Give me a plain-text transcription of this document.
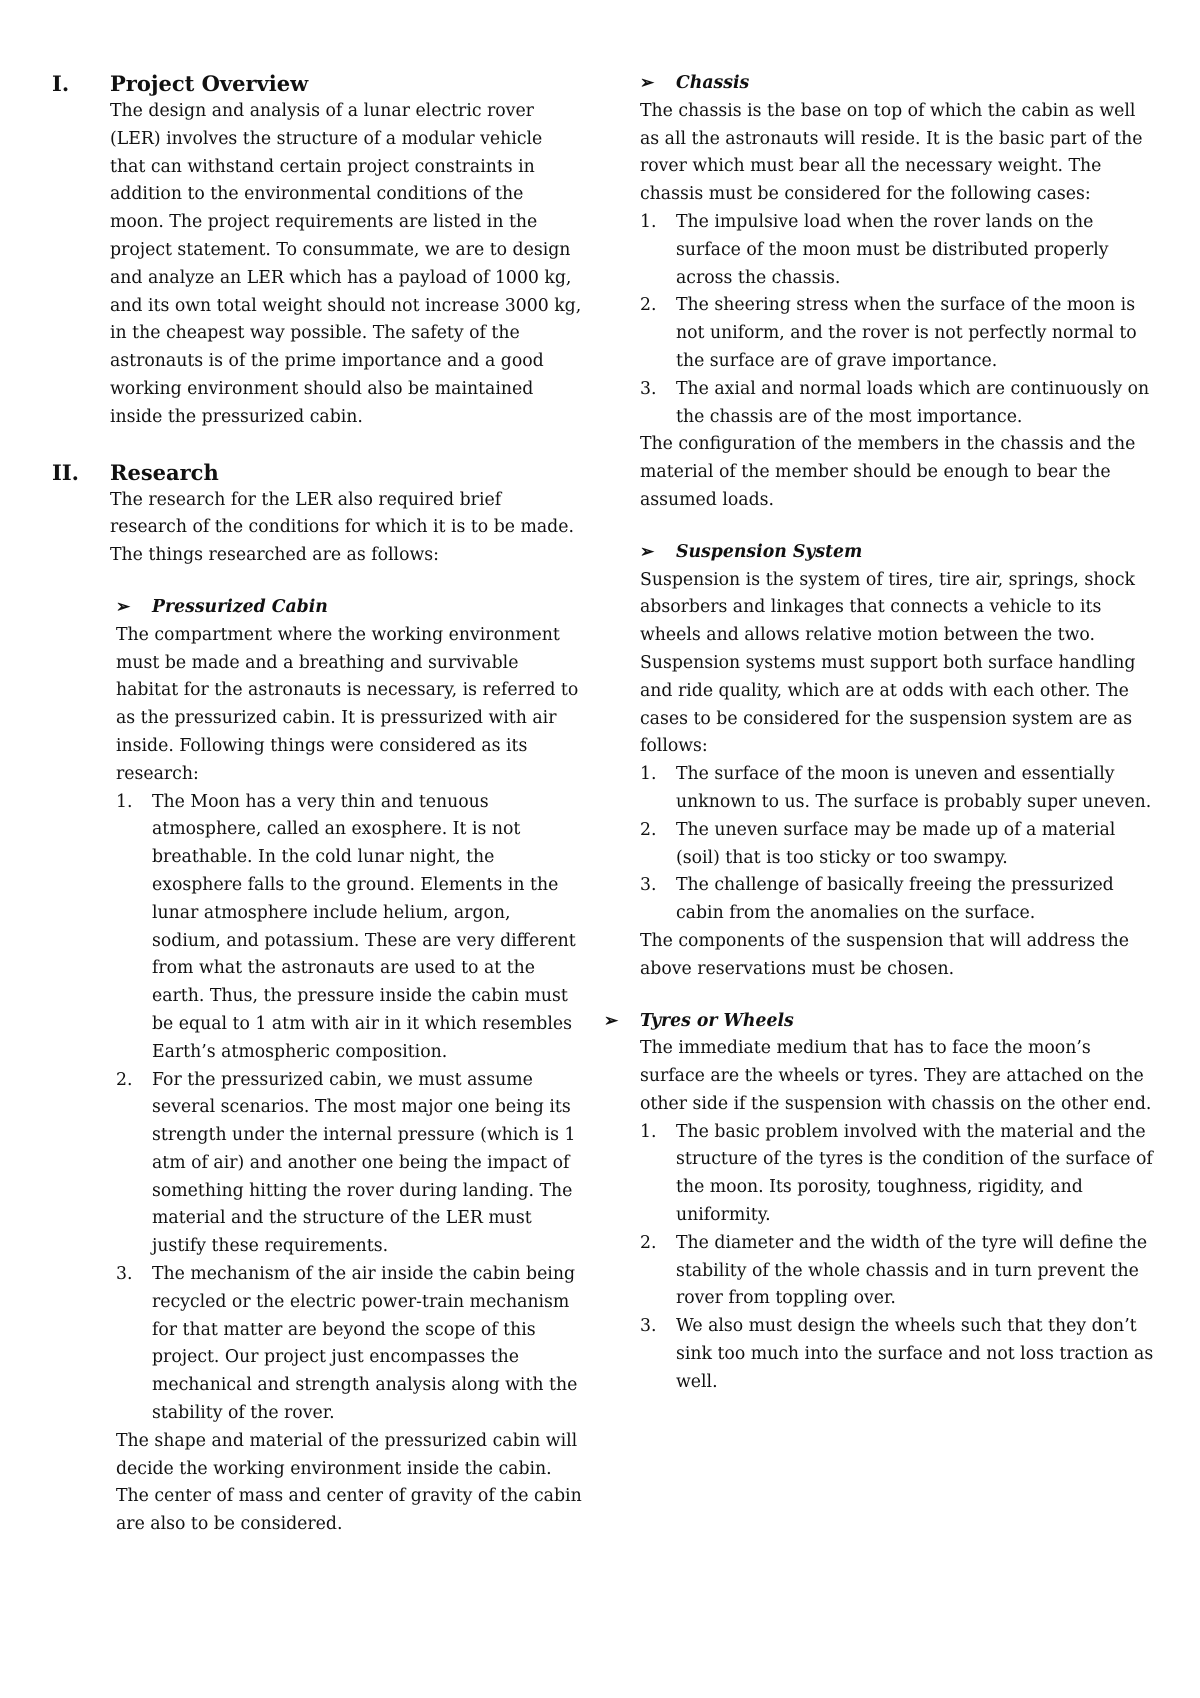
I.	Project Overview

The design and analysis of a lunar electric rover (LER) involves the structure of a modular vehicle that can withstand certain project constraints in addition to the environmental conditions of the moon. The project requirements are listed in the project statement. To consummate, we are to design and analyze an LER which has a payload of 1000 kg, and its own total weight should not increase 3000 kg, in the cheapest way possible. The safety of the astronauts is of the prime importance and a good working environment should also be maintained inside the pressurized cabin.

II.	Research

The research for the LER also required brief research of the conditions for which it is to be made. The things researched are as follows:

➢	Pressurized Cabin

The compartment where the working environment must be made and a breathing and survivable habitat for the astronauts is necessary, is referred to as the pressurized cabin. It is pressurized with air inside. Following things were considered as its research:

1.	The Moon has a very thin and tenuous atmosphere, called an exosphere. It is not breathable. In the cold lunar night, the exosphere falls to the ground. Elements in the lunar atmosphere include helium, argon, sodium, and potassium. These are very different from what the astronauts are used to at the earth. Thus, the pressure inside the cabin must be equal to 1 atm with air in it which resembles Earth’s atmospheric composition.
2.	For the pressurized cabin, we must assume several scenarios. The most major one being its strength under the internal pressure (which is 1 atm of air) and another one being the impact of something hitting the rover during landing. The material and the structure of the LER must justify these requirements.
3.	The mechanism of the air inside the cabin being recycled or the electric power-train mechanism for that matter are beyond the scope of this project. Our project just encompasses the mechanical and strength analysis along with the stability of the rover.

The shape and material of the pressurized cabin will decide the working environment inside the cabin. The center of mass and center of gravity of the cabin are also to be considered.

➢	Chassis

The chassis is the base on top of which the cabin as well as all the astronauts will reside. It is the basic part of the rover which must bear all the necessary weight. The chassis must be considered for the following cases:

1.	The impulsive load when the rover lands on the surface of the moon must be distributed properly across the chassis.
2.	The sheering stress when the surface of the moon is not uniform, and the rover is not perfectly normal to the surface are of grave importance.
3.	The axial and normal loads which are continuously on the chassis are of the most importance.

The configuration of the members in the chassis and the material of the member should be enough to bear the assumed loads.

➢	Suspension System

Suspension is the system of tires, tire air, springs, shock absorbers and linkages that connects a vehicle to its wheels and allows relative motion between the two. Suspension systems must support both surface handling and ride quality, which are at odds with each other. The cases to be considered for the suspension system are as follows:

1.	The surface of the moon is uneven and essentially unknown to us. The surface is probably super uneven.
2.	The uneven surface may be made up of a material (soil) that is too sticky or too swampy.
3.	The challenge of basically freeing the pressurized cabin from the anomalies on the surface.

The components of the suspension that will address the above reservations must be chosen.

➢	Tyres or Wheels

The immediate medium that has to face the moon’s surface are the wheels or tyres. They are attached on the other side if the suspension with chassis on the other end.

1.	The basic problem involved with the material and the structure of the tyres is the condition of the surface of the moon. Its porosity, toughness, rigidity, and uniformity.
2.	The diameter and the width of the tyre will define the stability of the whole chassis and in turn prevent the rover from toppling over.
3.	We also must design the wheels such that they don’t sink too much into the surface and not loss traction as well.
